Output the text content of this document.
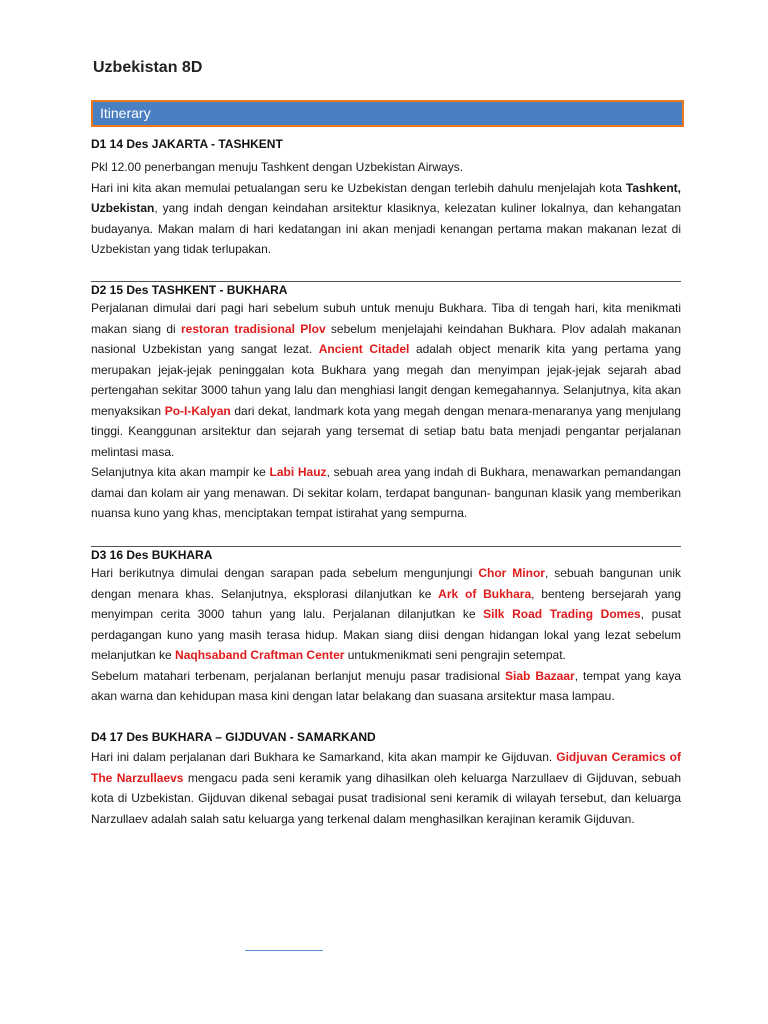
Uzbekistan 8D
Itinerary
D1 14 Des JAKARTA - TASHKENT

Pkl 12.00 penerbangan menuju Tashkent dengan Uzbekistan Airways.

Hari ini kita akan memulai petualangan seru ke Uzbekistan dengan terlebih dahulu menjelajah kota Tashkent, Uzbekistan, yang indah dengan keindahan arsitektur klasiknya, kelezatan kuliner lokalnya, dan kehangatan budayanya. Makan malam di hari kedatangan ini akan menjadi kenangan pertama makan makanan lezat di Uzbekistan yang tidak terlupakan.

D2 15 Des TASHKENT - BUKHARA

Perjalanan dimulai dari pagi hari sebelum subuh untuk menuju Bukhara. Tiba di tengah hari, kita menikmati makan siang di restoran tradisional Plov sebelum menjelajahi keindahan Bukhara. Plov adalah makanan nasional Uzbekistan yang sangat lezat. Ancient Citadel adalah object menarik kita yang pertama yang merupakan jejak-jejak peninggalan kota Bukhara yang megah dan menyimpan jejak-jejak sejarah abad pertengahan sekitar 3000 tahun yang lalu dan menghiasi langit dengan kemegahannya. Selanjutnya, kita akan menyaksikan Po-I-Kalyan dari dekat, landmark kota yang megah dengan menara-menaranya yang menjulang tinggi. Keanggunan arsitektur dan sejarah yang tersemat di setiap batu bata menjadi pengantar perjalanan melintasi masa.

Selanjutnya kita akan mampir ke Labi Hauz, sebuah area yang indah di Bukhara, menawarkan pemandangan damai dan kolam air yang menawan. Di sekitar kolam, terdapat bangunan- bangunan klasik yang memberikan nuansa kuno yang khas, menciptakan tempat istirahat yang sempurna.

D3 16 Des BUKHARA

Hari berikutnya dimulai dengan sarapan pada sebelum mengunjungi Chor Minor, sebuah bangunan unik dengan menara khas. Selanjutnya, eksplorasi dilanjutkan ke Ark of Bukhara, benteng bersejarah yang menyimpan cerita 3000 tahun yang lalu. Perjalanan dilanjutkan ke Silk Road Trading Domes, pusat perdagangan kuno yang masih terasa hidup. Makan siang diisi dengan hidangan lokal yang lezat sebelum melanjutkan ke Naqhsaband Craftman Center untukmenikmati seni pengrajin setempat.

Sebelum matahari terbenam, perjalanan berlanjut menuju pasar tradisional Siab Bazaar, tempat yang kaya akan warna dan kehidupan masa kini dengan latar belakang dan suasana arsitektur masa lampau.

D4 17 Des BUKHARA – GIJDUVAN - SAMARKAND

Hari ini dalam perjalanan dari Bukhara ke Samarkand, kita akan mampir ke Gijduvan. Gidjuvan Ceramics of The Narzullaevs mengacu pada seni keramik yang dihasilkan oleh keluarga Narzullaev di Gijduvan, sebuah kota di Uzbekistan. Gijduvan dikenal sebagai pusat tradisional seni keramik di wilayah tersebut, dan keluarga Narzullaev adalah salah satu keluarga yang terkenal dalam menghasilkan kerajinan keramik Gijduvan.
